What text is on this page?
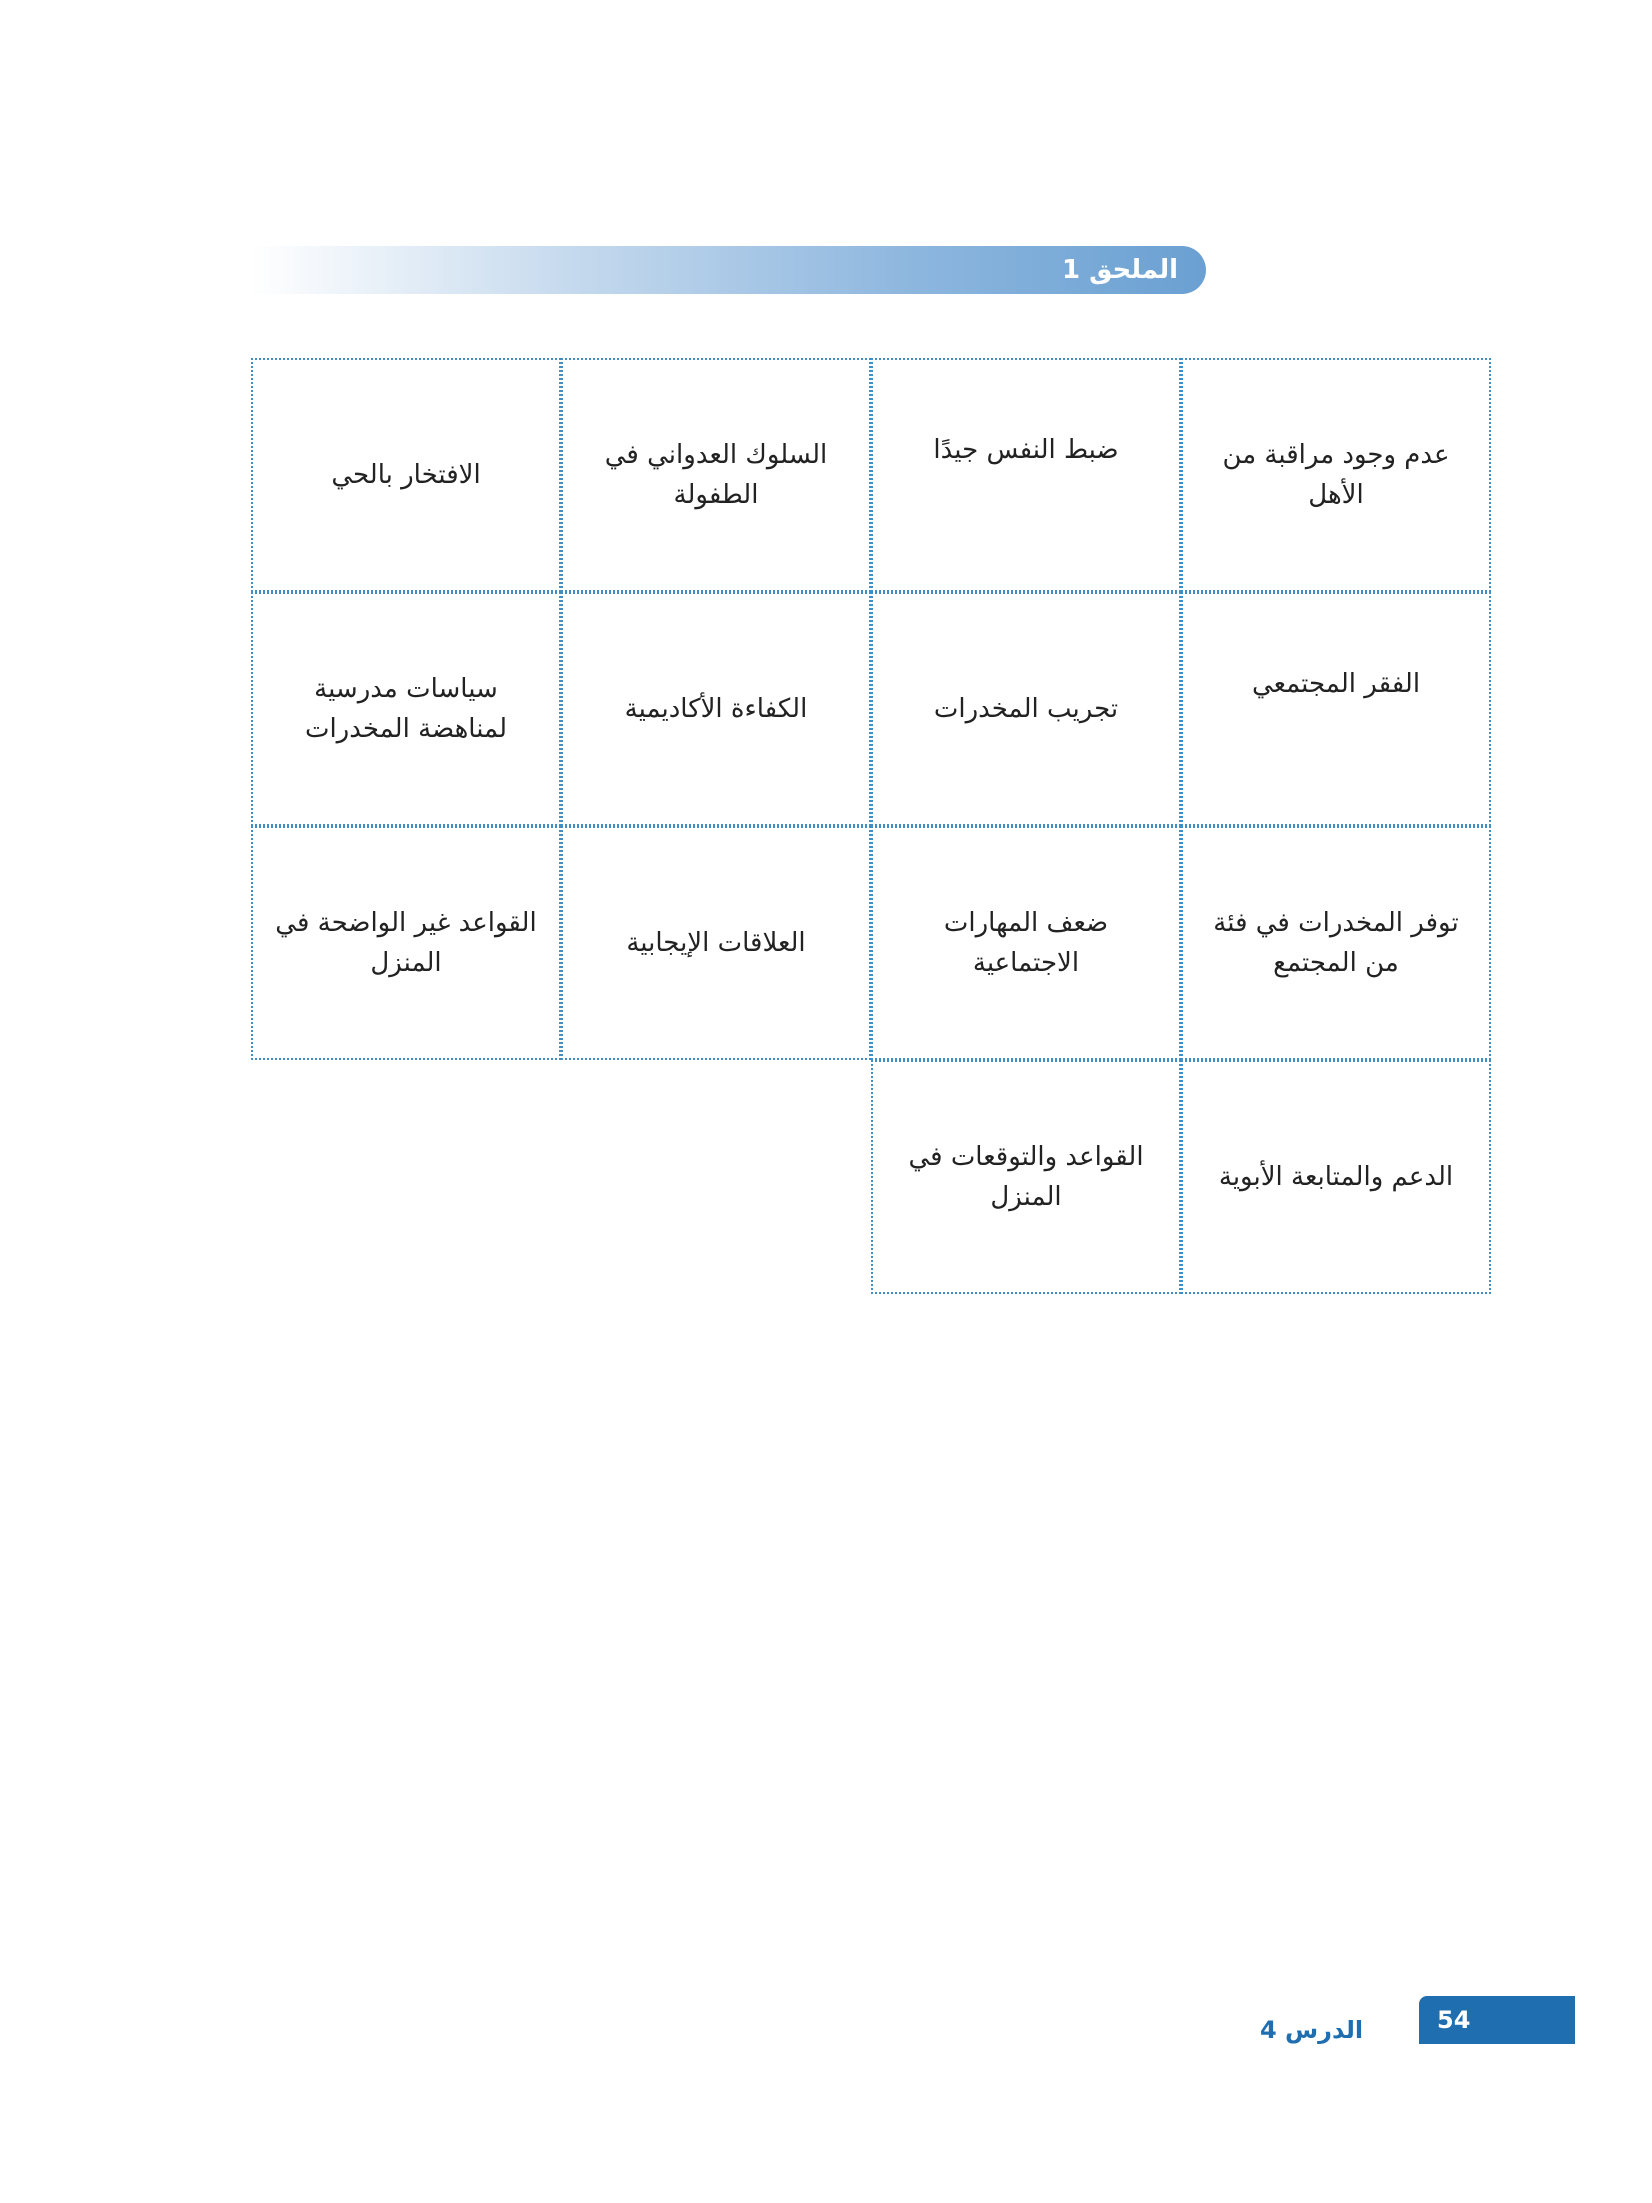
الملحق 1
عدم وجود مراقبة من الأهل
ضبط النفس جيدًا
السلوك العدواني في الطفولة
الافتخار بالحي
الفقر المجتمعي
تجريب المخدرات
الكفاءة الأكاديمية
سياسات مدرسية لمناهضة المخدرات
توفر المخدرات في فئة من المجتمع
ضعف المهارات الاجتماعية
العلاقات الإيجابية
القواعد غير الواضحة في المنزل
الدعم والمتابعة الأبوية
القواعد والتوقعات في المنزل
الدرس 4	54
